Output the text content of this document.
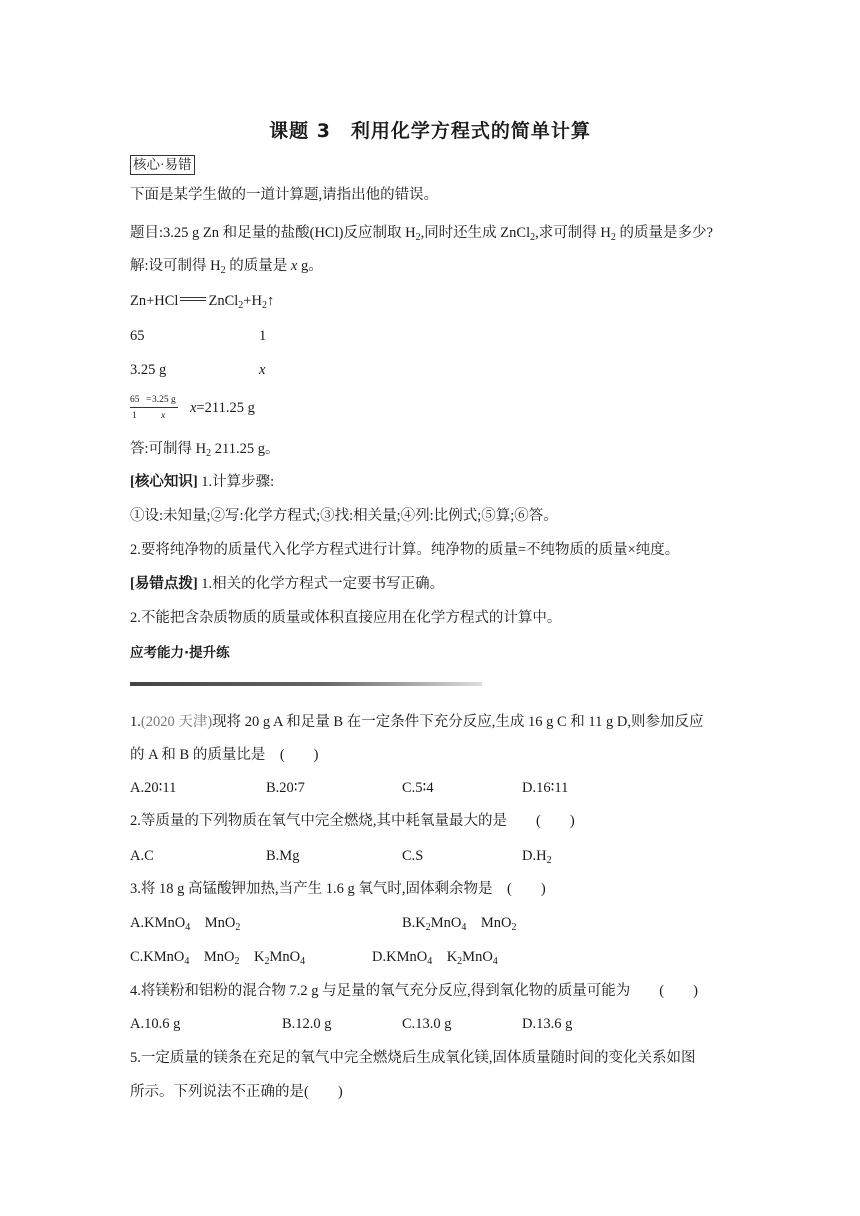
课题 3　利用化学方程式的简单计算
核心·易错
下面是某学生做的一道计算题,请指出他的错误。
题目:3.25 g Zn 和足量的盐酸(HCl)反应制取 $H_2$,同时还生成 ZnCl$_2$,求可制得 $H_2$ 的质量是多少?
解:设可制得 $H_2$ 的质量是 x g。
Zn+HCl $ZnCl_2+H_2↑$
65	1
3.25 g	x
65 = 3.25 g
1	x x=211.25 g
答:可制得 $H_2$ 211.25 g。
[核心知识] 1.计算步骤:
①设:未知量;②写:化学方程式;③找:相关量;④列:比例式;⑤算;⑥答。
2.要将纯净物的质量代入化学方程式进行计算。纯净物的质量=不纯物质的质量×纯度。
[易错点拨] 1.相关的化学方程式一定要书写正确。
2.不能把含杂质物质的质量或体积直接应用在化学方程式的计算中。
应考能力·提升练
1.(2020 天津)现将 20 g A 和足量 B 在一定条件下充分反应,生成 16 g C 和 11 g D,则参加反应
的 A 和 B 的质量比是　(　　)
A.20∶11	B.20∶7	C.5∶4	D.16∶11
2.等质量的下列物质在氧气中完全燃烧,其中耗氧量最大的是　　(　　)
A.C	B.Mg	C.S	$D.H_2$
3.将 18 g 高锰酸钾加热,当产生 1.6 g 氧气时,固体剩余物是　(　　)
A.KMnO$_4$　 MnO$_2$	$B.K_2MnO_4$　 MnO$_2$
C.KMnO$_4$　 MnO$_2$　 $K_2MnO_4$	D.KMnO$_4$　 $K_2MnO_4$
4.将镁粉和铝粉的混合物 7.2 g 与足量的氧气充分反应,得到氧化物的质量可能为　　(　　)
A.10.6 g	B.12.0 g	C.13.0 g	D.13.6 g
5.一定质量的镁条在充足的氧气中完全燃烧后生成氧化镁,固体质量随时间的变化关系如图
所示。下列说法不正确的是(　　)
